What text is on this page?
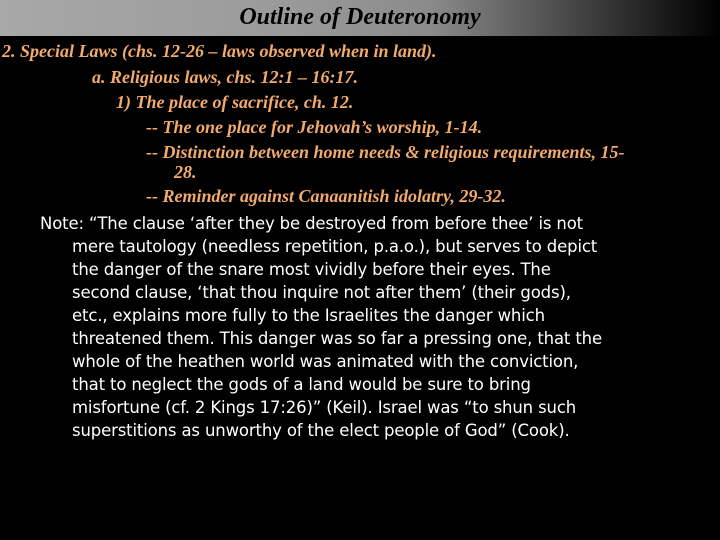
Outline of Deuteronomy
2. Special Laws (chs. 12-26 – laws observed when in land).
a. Religious laws, chs. 12:1 – 16:17.
1) The place of sacrifice, ch. 12.
-- The one place for Jehovah’s worship, 1-14.
-- Distinction between home needs & religious requirements, 15-
28.
-- Reminder against Canaanitish idolatry, 29-32.
Note: “The clause ‘after they be destroyed from before thee’ is not
mere tautology (needless repetition, p.a.o.), but serves to depict
the danger of the snare most vividly before their eyes. The
second clause, ‘that thou inquire not after them’ (their gods),
etc., explains more fully to the Israelites the danger which
threatened them. This danger was so far a pressing one, that the
whole of the heathen world was animated with the conviction,
that to neglect the gods of a land would be sure to bring
misfortune (cf. 2 Kings 17:26)” (Keil). Israel was “to shun such
superstitions as unworthy of the elect people of God” (Cook).
